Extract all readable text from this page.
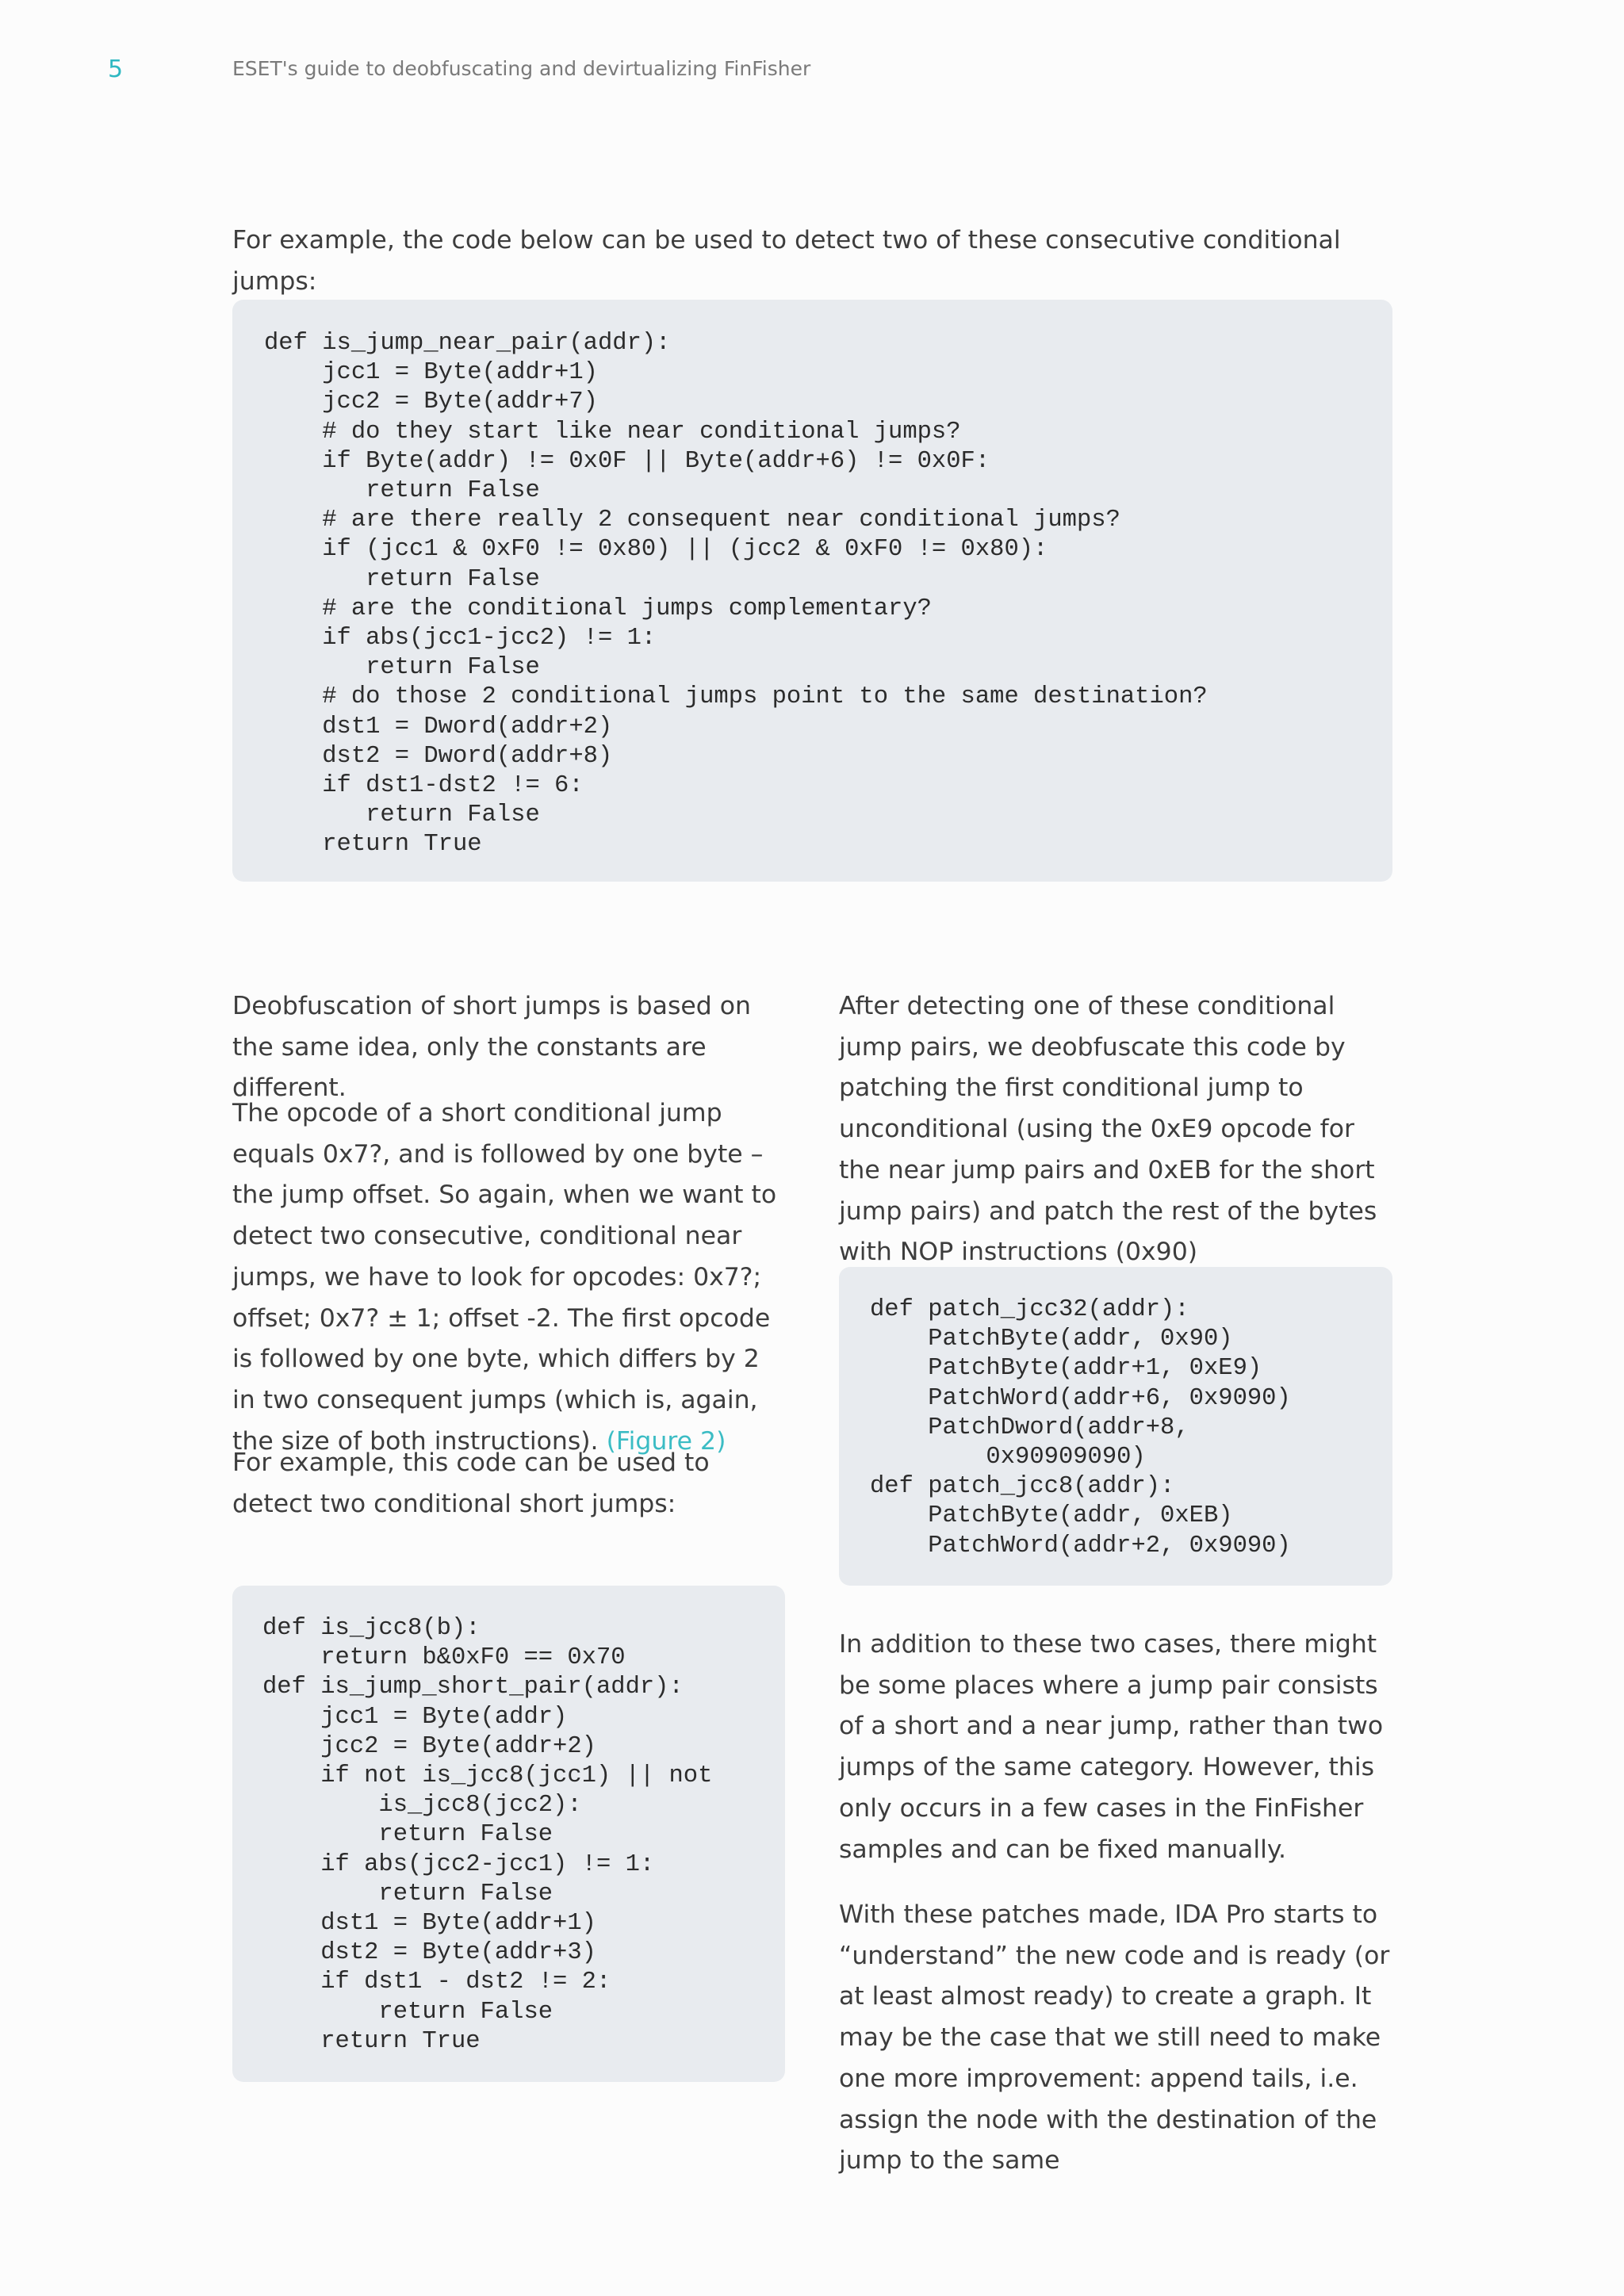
5	ESET's guide to deobfuscating and devirtualizing FinFisher

For example, the code below can be used to detect two of these consecutive conditional jumps:

def is_jump_near_pair(addr):
jcc1 = Byte(addr+1)
jcc2 = Byte(addr+7)
# do they start like near conditional jumps?
if Byte(addr) != 0x0F || Byte(addr+6) != 0x0F:
return False
# are there really 2 consequent near conditional jumps?
if (jcc1 & 0xF0 != 0x80) || (jcc2 & 0xF0 != 0x80):
return False
# are the conditional jumps complementary?
if abs(jcc1-jcc2) != 1:
return False
# do those 2 conditional jumps point to the same destination?
dst1 = Dword(addr+2)
dst2 = Dword(addr+8)
if dst1-dst2 != 6:
return False
return True

Deobfuscation of short jumps is based on the same idea, only the constants are different.

The opcode of a short conditional jump equals 0x7?, and is followed by one byte – the jump offset. So again, when we want to detect two consecutive, conditional near jumps, we have to look for opcodes: 0x7?; offset; 0x7? ± 1; offset -2. The first opcode is followed by one byte, which differs by 2 in two consequent jumps (which is, again, the size of both instructions). (Figure 2)

For example, this code can be used to detect two conditional short jumps:

def is_jcc8(b):
return b&0xF0 == 0x70
def is_jump_short_pair(addr):
jcc1 = Byte(addr)
jcc2 = Byte(addr+2)
if not is_jcc8(jcc1) || not
is_jcc8(jcc2):
return False
if abs(jcc2-jcc1) != 1:
return False
dst1 = Byte(addr+1)
dst2 = Byte(addr+3)
if dst1 - dst2 != 2:
return False
return True

After detecting one of these conditional jump pairs, we deobfuscate this code by patching the first conditional jump to unconditional (using the 0xE9 opcode for the near jump pairs and 0xEB for the short jump pairs) and patch the rest of the bytes with NOP instructions (0x90)

def patch_jcc32(addr):
PatchByte(addr, 0x90)
PatchByte(addr+1, 0xE9)
PatchWord(addr+6, 0x9090)
PatchDword(addr+8,
0x90909090)
def patch_jcc8(addr):
PatchByte(addr, 0xEB)
PatchWord(addr+2, 0x9090)

In addition to these two cases, there might be some places where a jump pair consists of a short and a near jump, rather than two jumps of the same category. However, this only occurs in a few cases in the FinFisher samples and can be fixed manually.

With these patches made, IDA Pro starts to “understand” the new code and is ready (or at least almost ready) to create a graph. It may be the case that we still need to make one more improvement: append tails, i.e. assign the node with the destination of the jump to the same
